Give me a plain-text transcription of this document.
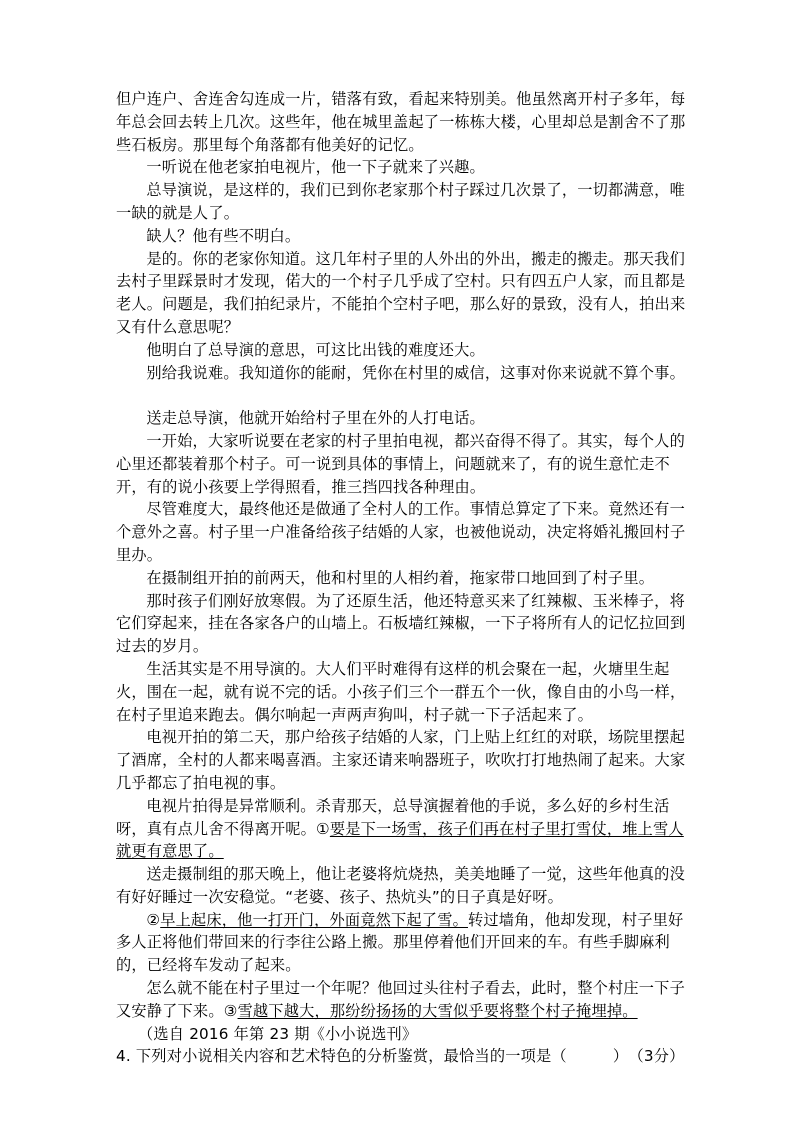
但户连户、舍连舍勾连成一片，错落有致，看起来特别美。他虽然离开村子多年，每年总会回去转上几次。这些年，他在城里盖起了一栋栋大楼，心里却总是割舍不了那些石板房。那里每个角落都有他美好的记忆。

一听说在他老家拍电视片，他一下子就来了兴趣。

总导演说，是这样的，我们已到你老家那个村子踩过几次景了，一切都满意，唯一缺的就是人了。

缺人？他有些不明白。

是的。你的老家你知道。这几年村子里的人外出的外出，搬走的搬走。那天我们去村子里踩景时才发现，偌大的一个村子几乎成了空村。只有四五户人家，而且都是老人。问题是，我们拍纪录片，不能拍个空村子吧，那么好的景致，没有人，拍出来又有什么意思呢？

他明白了总导演的意思，可这比出钱的难度还大。

别给我说难。我知道你的能耐，凭你在村里的威信，这事对你来说就不算个事。

送走总导演，他就开始给村子里在外的人打电话。

一开始，大家听说要在老家的村子里拍电视，都兴奋得不得了。其实，每个人的心里还都装着那个村子。可一说到具体的事情上，问题就来了，有的说生意忙走不开，有的说小孩要上学得照看，推三挡四找各种理由。

尽管难度大，最终他还是做通了全村人的工作。事情总算定了下来。竟然还有一个意外之喜。村子里一户准备给孩子结婚的人家，也被他说动，决定将婚礼搬回村子里办。

在摄制组开拍的前两天，他和村里的人相约着，拖家带口地回到了村子里。

那时孩子们刚好放寒假。为了还原生活，他还特意买来了红辣椒、玉米棒子，将它们穿起来，挂在各家各户的山墙上。石板墙红辣椒，一下子将所有人的记忆拉回到过去的岁月。

生活其实是不用导演的。大人们平时难得有这样的机会聚在一起，火塘里生起火，围在一起，就有说不完的话。小孩子们三个一群五个一伙，像自由的小鸟一样，在村子里追来跑去。偶尔响起一声两声狗叫，村子就一下子活起来了。

电视开拍的第二天，那户给孩子结婚的人家，门上贴上红红的对联，场院里摆起了酒席，全村的人都来喝喜酒。主家还请来响器班子，吹吹打打地热闹了起来。大家几乎都忘了拍电视的事。

电视片拍得是异常顺利。杀青那天，总导演握着他的手说，多么好的乡村生活呀，真有点儿舍不得离开呢。①要是下一场雪，孩子们再在村子里打雪仗，堆上雪人就更有意思了。

送走摄制组的那天晚上，他让老婆将炕烧热，美美地睡了一觉，这些年他真的没有好好睡过一次安稳觉。“老婆、孩子、热炕头”的日子真是好呀。

②早上起床，他一打开门，外面竟然下起了雪。转过墙角，他却发现，村子里好多人正将他们带回来的行李往公路上搬。那里停着他们开回来的车。有些手脚麻利的，已经将车发动了起来。

怎么就不能在村子里过一个年呢？他回过头往村子看去，此时，整个村庄一下子又安静了下来。③雪越下越大，那纷纷扬扬的大雪似乎要将整个村子掩埋掉。

（选自 2016 年第 23 期《小小说选刊》

4. 下列对小说相关内容和艺术特色的分析鉴赏，最恰当的一项是（　　　）　（3分）
